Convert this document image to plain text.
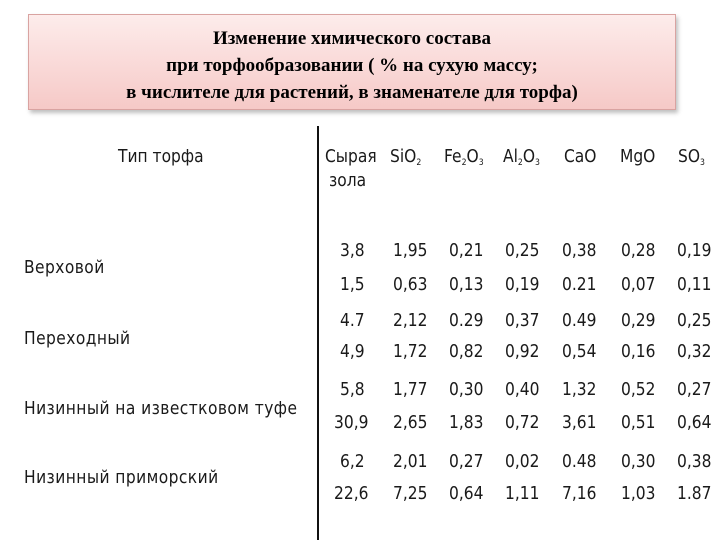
Изменение химического состава
при торфообразовании ( % на сухую массу;
в числителе для растений, в знаменателе для торфа)
Тип торфа	Сырая
зола
SiO$_2$ $Fe_2O_3$ $Al_2O_3$ CaO MgO $SO_3$
Верховой
3,8 1,95 0,21 0,25 0,38 0,28 0,19
1,5 0,63 0,13 0,19 0.21 0,07 0,11
Переходный
4.7 2,12 0.29 0,37 0.49 0,29 0,25
4,9 1,72 0,82 0,92 0,54 0,16 0,32
Низинный на известковом туфе
5,8 1,77 0,30 0,40 1,32 0,52 0,27
30,9 2,65 1,83 0,72 3,61 0,51 0,64
Низинный приморский
6,2 2,01 0,27 0,02 0.48 0,30 0,38
22,6 7,25 0,64 1,11 7,16 1,03 1.87
